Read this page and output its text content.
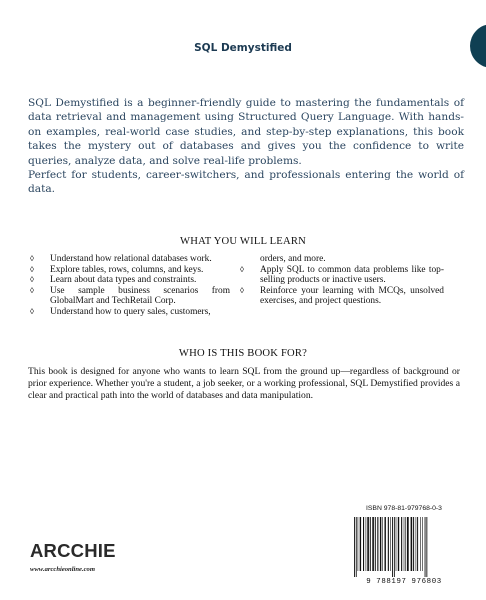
SQL Demystified

SQL Demystified is a beginner-friendly guide to mastering the fundamentals of data retrieval and management using Structured Query Language. With hands-on examples, real-world case studies, and step-by-step explanations, this book takes the mystery out of databases and gives you the confidence to write queries, analyze data, and solve real-life problems.

Perfect for students, career-switchers, and professionals entering the world of data.

WHAT YOU WILL LEARN
◊ Understand how relational databases work.
◊ Explore tables, rows, columns, and keys.
◊ Learn about data types and constraints.
◊ Use sample business scenarios from GlobalMart and TechRetail Corp.
◊ Understand how to query sales, customers,
orders, and more.
◊ Apply SQL to common data problems like top-selling products or inactive users.
◊ Reinforce your learning with MCQs, unsolved exercises, and project questions.
WHO IS THIS BOOK FOR?

This book is designed for anyone who wants to learn SQL from the ground up—regardless of background or prior experience. Whether you're a student, a job seeker, or a working professional, SQL Demystified provides a clear and practical path into the world of databases and data manipulation.

ARCCHIE
www.arcchieonline.com
ISBN 978-81-979768-0-3
9 788197 976803
